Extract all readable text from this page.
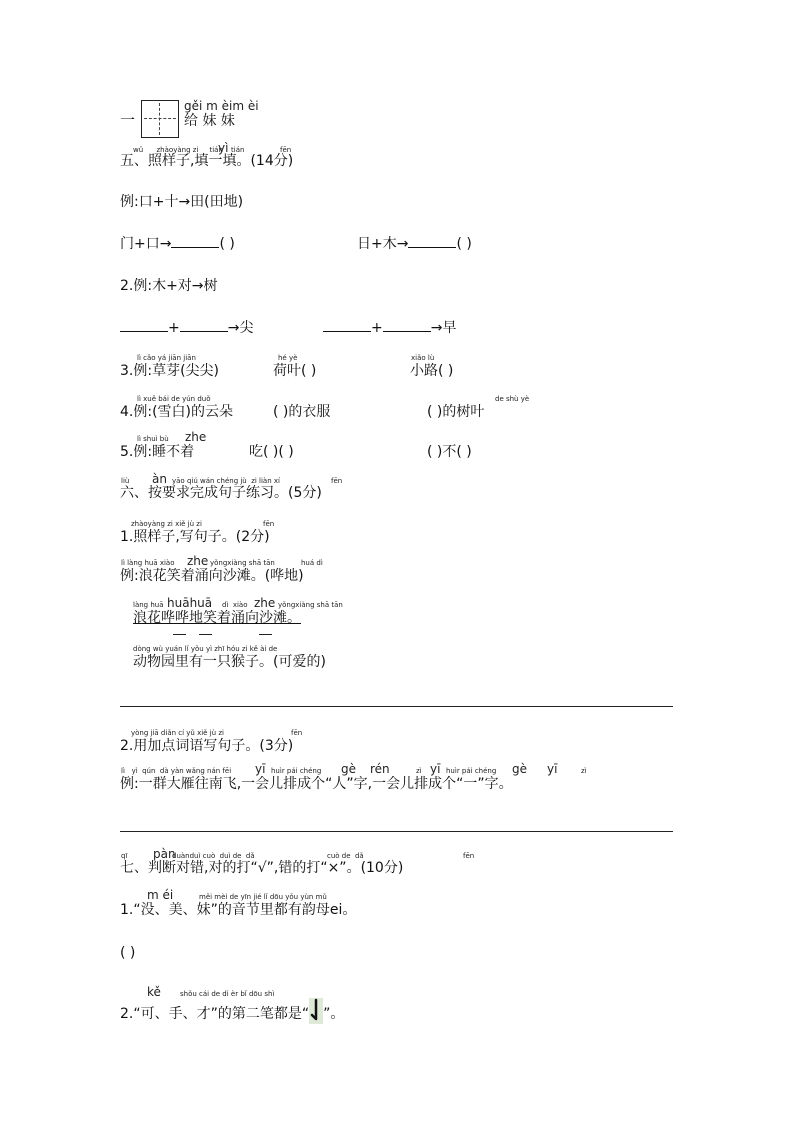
一
gěi m èim èi
给 妹 妹
wǔ      zhàoyàng zi     tián
yì tián                fēn
五、照样子,填一填。(14分)
例:口+十→田(田地)
门+口→	( )	日+木→	( )
2.例:木+对→树
+	→尖	+	→早
lì cǎo yá jiān jiān
3.例:草芽(尖尖)
hé yè
荷叶( )
xiǎo lù
小路( )
lì xuě bái de yún duǒ
4.例:(雪白)的云朵	( )的衣服
de shù yè
( )的树叶
lì shuì bù zhe
5.例:睡不着	吃( )( )	( )不( )
liù àn yāo qiú wán chéng jù  zi liàn xí	fēn
六、按要求完成句子练习。(5分)
zhàoyàng zi xiě jù zi	fēn
1.照样子,写句子。(2分)
lì làng huā xiào zhe yǒngxiàng shā tān	huá dì
例:浪花笑着涌向沙滩。(哗地)
làng huā huāhuā dì  xiào zhe yǒngxiàng shā tān
浪花哗哗地笑着涌向沙滩。
dòng wù yuán lǐ yǒu yì zhī hóu zi kě ài de
动物园里有一只猴子。(可爱的)
yòng jiā diǎn cí yǔ xiě jù zi	fēn
2.用加点词语写句子。(3分)
lì   yì  qún  dà yàn wǎng nán fēi yī huìr pái chéng gè rén	zì yī huìr pái chéng gè yī	zì
例:一群大雁往南飞,一会儿排成个“人”字,一会儿排成个“一”字。
qī pàn
duànduì cuò  duì de  dǎ	cuò de  dǎ	fēn
七、判断对错,对的打“√”,错的打“×”。(10分)
m éi	měi mèi de yīn jié lǐ dōu yǒu yùn mǔ
1.“没、美、妹”的音节里都有韵母ei。
( )
kě	shǒu cái de dì èr bǐ dōu shì
2.“可、手、才”的第二笔都是“ ”。
